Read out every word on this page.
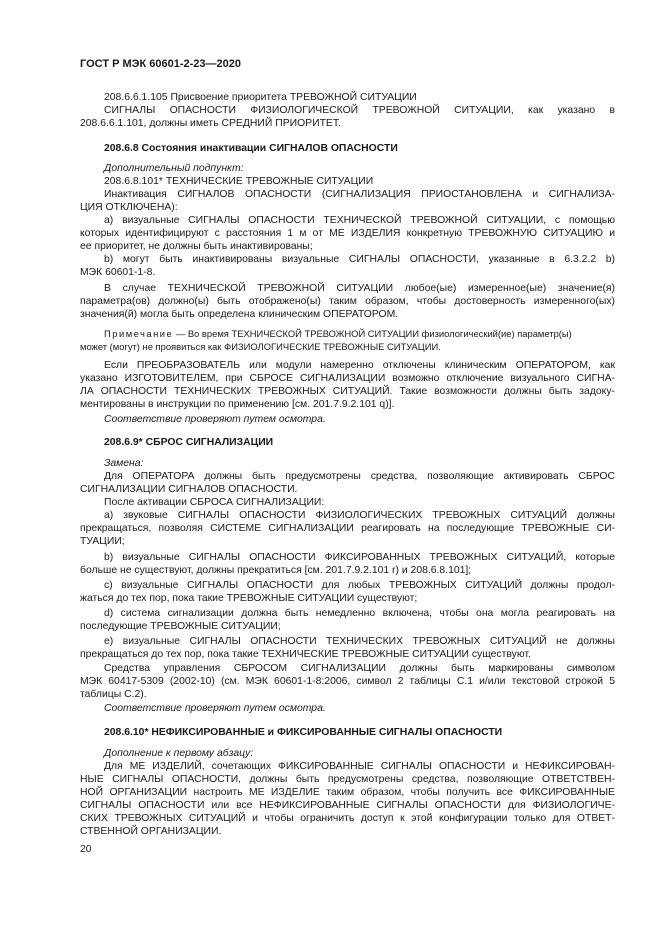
ГОСТ Р МЭК 60601-2-23—2020
208.6.6.1.105 Присвоение приоритета ТРЕВОЖНОЙ СИТУАЦИИ
СИГНАЛЫ ОПАСНОСТИ ФИЗИОЛОГИЧЕСКОЙ ТРЕВОЖНОЙ СИТУАЦИИ, как указано в
208.6.6.1.101, должны иметь СРЕДНИЙ ПРИОРИТЕТ.
208.6.8 Состояния инактивации СИГНАЛОВ ОПАСНОСТИ
Дополнительный подпункт:
208.6.8.101* ТЕХНИЧЕСКИЕ ТРЕВОЖНЫЕ СИТУАЦИИ
Инактивация СИГНАЛОВ ОПАСНОСТИ (СИГНАЛИЗАЦИЯ ПРИОСТАНОВЛЕНА и СИГНАЛИЗА-
ЦИЯ ОТКЛЮЧЕНА):
а) визуальные СИГНАЛЫ ОПАСНОСТИ ТЕХНИЧЕСКОЙ ТРЕВОЖНОЙ СИТУАЦИИ, с помощью
которых идентифицируют с расстояния 1 м от МЕ ИЗДЕЛИЯ конкретную ТРЕВОЖНУЮ СИТУАЦИЮ и
ее приоритет, не должны быть инактивированы;
b) могут быть инактивированы визуальные СИГНАЛЫ ОПАСНОСТИ, указанные в 6.3.2.2 b)
МЭК 60601-1-8.
В случае ТЕХНИЧЕСКОЙ ТРЕВОЖНОЙ СИТУАЦИИ любое(ые) измеренное(ые) значение(я)
параметра(ов) должно(ы) быть отображено(ы) таким образом, чтобы достоверность измеренного(ых)
значения(й) могла быть определена клиническим ОПЕРАТОРОМ.
Примечание — Во время ТЕХНИЧЕСКОЙ ТРЕВОЖНОЙ СИТУАЦИИ физиологический(ие) параметр(ы)
может (могут) не проявиться как ФИЗИОЛОГИЧЕСКИЕ ТРЕВОЖНЫЕ СИТУАЦИИ.
Если ПРЕОБРАЗОВАТЕЛЬ или модули намеренно отключены клиническим ОПЕРАТОРОМ, как
указано ИЗГОТОВИТЕЛЕМ, при СБРОСЕ СИГНАЛИЗАЦИИ возможно отключение визуального СИГНА-
ЛА ОПАСНОСТИ ТЕХНИЧЕСКИХ ТРЕВОЖНЫХ СИТУАЦИЙ. Такие возможности должны быть задоку-
ментированы в инструкции по применению [см. 201.7.9.2.101 q)].
Соответствие проверяют путем осмотра.
208.6.9* СБРОС СИГНАЛИЗАЦИИ
Замена:
Для ОПЕРАТОРА должны быть предусмотрены средства, позволяющие активировать СБРОС
СИГНАЛИЗАЦИИ СИГНАЛОВ ОПАСНОСТИ.
После активации СБРОСА СИГНАЛИЗАЦИИ:
а) звуковые СИГНАЛЫ ОПАСНОСТИ ФИЗИОЛОГИЧЕСКИХ ТРЕВОЖНЫХ СИТУАЦИЙ должны
прекращаться, позволяя СИСТЕМЕ СИГНАЛИЗАЦИИ реагировать на последующие ТРЕВОЖНЫЕ СИ-
ТУАЦИИ;
b) визуальные СИГНАЛЫ ОПАСНОСТИ ФИКСИРОВАННЫХ ТРЕВОЖНЫХ СИТУАЦИЙ, которые
больше не существуют, должны прекратиться [см. 201.7.9.2.101 r) и 208.6.8.101];
с) визуальные СИГНАЛЫ ОПАСНОСТИ для любых ТРЕВОЖНЫХ СИТУАЦИЙ должны продол-
жаться до тех пор, пока такие ТРЕВОЖНЫЕ СИТУАЦИИ существуют;
d) система сигнализации должна быть немедленно включена, чтобы она могла реагировать на
последующие ТРЕВОЖНЫЕ СИТУАЦИИ;
е) визуальные СИГНАЛЫ ОПАСНОСТИ ТЕХНИЧЕСКИХ ТРЕВОЖНЫХ СИТУАЦИЙ не должны
прекращаться до тех пор, пока такие ТЕХНИЧЕСКИЕ ТРЕВОЖНЫЕ СИТУАЦИИ существуют.
Средства управления СБРОСОМ СИГНАЛИЗАЦИИ должны быть маркированы символом
МЭК 60417-5309 (2002-10) (см. МЭК 60601-1-8:2006, символ 2 таблицы С.1 и/или текстовой строкой 5
таблицы С.2).
Соответствие проверяют путем осмотра.
208.6.10* НЕФИКСИРОВАННЫЕ и ФИКСИРОВАННЫЕ СИГНАЛЫ ОПАСНОСТИ
Дополнение к первому абзацу:
Для МЕ ИЗДЕЛИЙ, сочетающих ФИКСИРОВАННЫЕ СИГНАЛЫ ОПАСНОСТИ и НЕФИКСИРОВАН-
НЫЕ СИГНАЛЫ ОПАСНОСТИ, должны быть предусмотрены средства, позволяющие ОТВЕТСТВЕН-
НОЙ ОРГАНИЗАЦИИ настроить МЕ ИЗДЕЛИЕ таким образом, чтобы получить все ФИКСИРОВАННЫЕ
СИГНАЛЫ ОПАСНОСТИ или все НЕФИКСИРОВАННЫЕ СИГНАЛЫ ОПАСНОСТИ для ФИЗИОЛОГИЧЕ-
СКИХ ТРЕВОЖНЫХ СИТУАЦИЙ и чтобы ограничить доступ к этой конфигурации только для ОТВЕТ-
СТВЕННОЙ ОРГАНИЗАЦИИ.
20
